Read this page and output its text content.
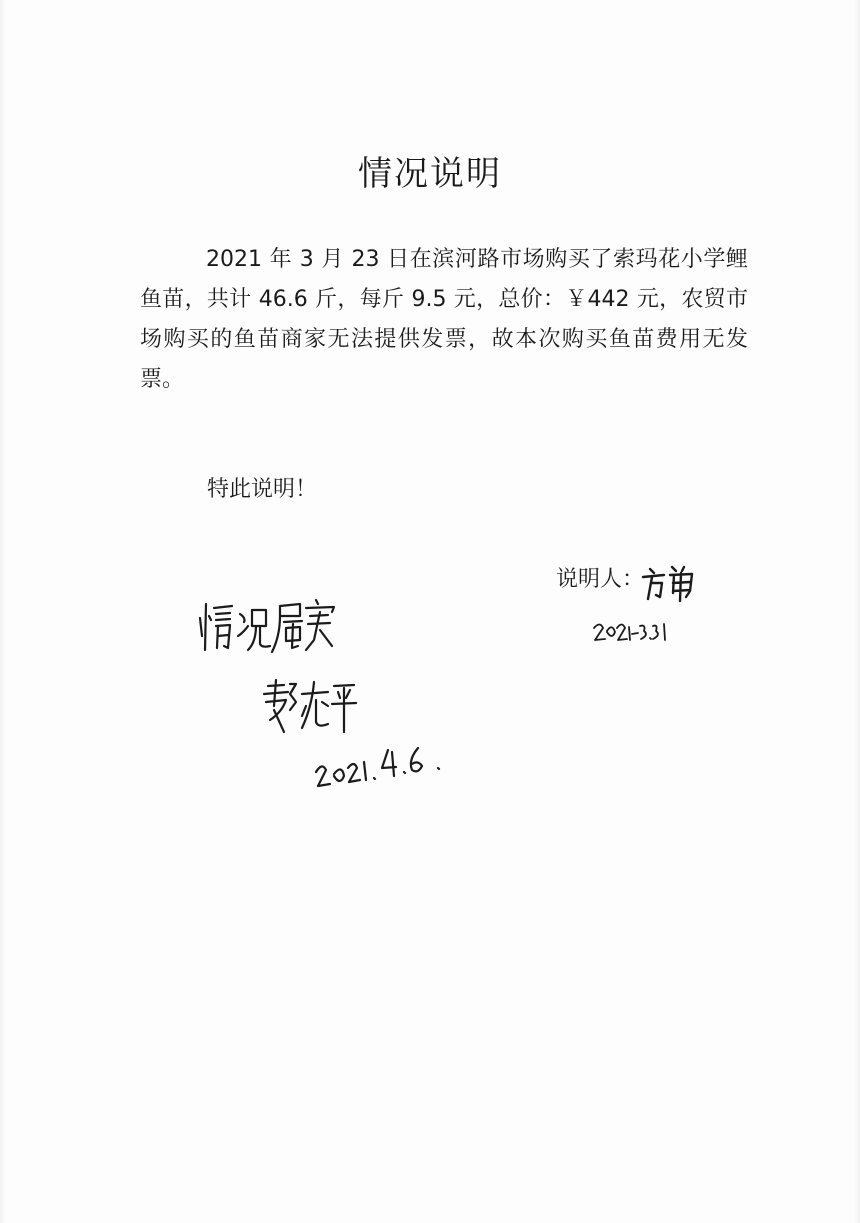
情况说明

2021 年 3 月 23 日在滨河路市场购买了索玛花小学鲤鱼苗，共计 46.6 斤，每斤 9.5 元，总价：￥442 元，农贸市场购买的鱼苗商家无法提供发票，故本次购买鱼苗费用无发票。

特此说明！

说明人：
